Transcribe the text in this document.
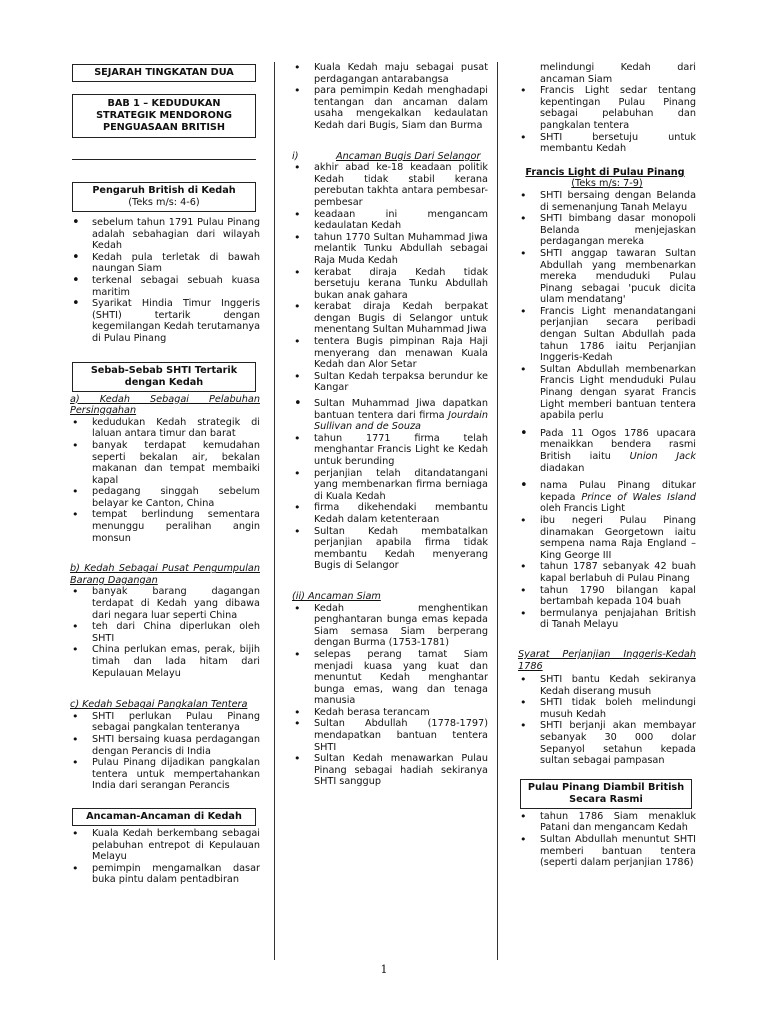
SEJARAH TINGKATAN DUA
BAB 1 – KEDUDUKAN STRATEGIK MENDORONG PENGUASAAN BRITISH
Pengaruh British di Kedah
(Teks m/s: 4-6)
• sebelum tahun 1791 Pulau Pinang adalah sebahagian dari wilayah Kedah
• Kedah pula terletak di bawah naungan Siam
• terkenal sebagai sebuah kuasa maritim
• Syarikat Hindia Timur Inggeris (SHTI) tertarik dengan kegemilangan Kedah terutamanya di Pulau Pinang
Sebab-Sebab SHTI Tertarik dengan Kedah
a) Kedah Sebagai Pelabuhan Persinggahan
• kedudukan Kedah strategik di laluan antara timur dan barat
• banyak terdapat kemudahan seperti bekalan air, bekalan makanan dan tempat membaiki kapal
• pedagang singgah sebelum belayar ke Canton, China
• tempat berlindung sementara menunggu peralihan angin monsun
b) Kedah Sebagai Pusat Pengumpulan Barang Dagangan
• banyak barang dagangan terdapat di Kedah yang dibawa dari negara luar seperti China
• teh dari China diperlukan oleh SHTI
• China perlukan emas, perak, bijih timah dan lada hitam dari Kepulauan Melayu
c) Kedah Sebagai Pangkalan Tentera
• SHTI perlukan Pulau Pinang sebagai pangkalan tenteranya
• SHTI bersaing kuasa perdagangan dengan Perancis di India
• Pulau Pinang dijadikan pangkalan tentera untuk mempertahankan India dari serangan Perancis
Ancaman-Ancaman di Kedah
• Kuala Kedah berkembang sebagai pelabuhan entrepot di Kepulauan Melayu
• pemimpin mengamalkan dasar buka pintu dalam pentadbiran
• Kuala Kedah maju sebagai pusat perdagangan antarabangsa
• para pemimpin Kedah menghadapi tentangan dan ancaman dalam usaha mengekalkan kedaulatan Kedah dari Bugis, Siam dan Burma
i)	Ancaman Bugis Dari Selangor
• akhir abad ke-18 keadaan politik Kedah tidak stabil kerana perebutan takhta antara pembesar-pembesar
• keadaan ini mengancam kedaulatan Kedah
• tahun 1770 Sultan Muhammad Jiwa melantik Tunku Abdullah sebagai Raja Muda Kedah
• kerabat diraja Kedah tidak bersetuju kerana Tunku Abdullah bukan anak gahara
• kerabat diraja Kedah berpakat dengan Bugis di Selangor untuk menentang Sultan Muhammad Jiwa
• tentera Bugis pimpinan Raja Haji menyerang dan menawan Kuala Kedah dan Alor Setar
• Sultan Kedah terpaksa berundur ke Kangar
• Sultan Muhammad Jiwa dapatkan bantuan tentera dari firma Jourdain Sullivan and de Souza
• tahun 1771 firma telah menghantar Francis Light ke Kedah untuk berunding
• perjanjian telah ditandatangani yang membenarkan firma berniaga di Kuala Kedah
• firma dikehendaki membantu Kedah dalam ketenteraan
• Sultan Kedah membatalkan perjanjian apabila firma tidak membantu Kedah menyerang Bugis di Selangor
(ii) Ancaman Siam
• Kedah menghentikan penghantaran bunga emas kepada Siam semasa Siam berperang dengan Burma (1753-1781)
• selepas perang tamat Siam menjadi kuasa yang kuat dan menuntut Kedah menghantar bunga emas, wang dan tenaga manusia
• Kedah berasa terancam
• Sultan Abdullah (1778-1797) mendapatkan bantuan tentera SHTI
• Sultan Kedah menawarkan Pulau Pinang sebagai hadiah sekiranya SHTI sanggup
melindungi Kedah dari ancaman Siam
• Francis Light sedar tentang kepentingan Pulau Pinang sebagai pelabuhan dan pangkalan tentera
• SHTI bersetuju untuk membantu Kedah
Francis Light di Pulau Pinang
(Teks m/s: 7-9)
• SHTI bersaing dengan Belanda di semenanjung Tanah Melayu
• SHTI bimbang dasar monopoli Belanda menjejaskan perdagangan mereka
• SHTI anggap tawaran Sultan Abdullah yang membenarkan mereka menduduki Pulau Pinang sebagai 'pucuk dicita ulam mendatang'
• Francis Light menandatangani perjanjian secara peribadi dengan Sultan Abdullah pada tahun 1786 iaitu Perjanjian Inggeris-Kedah
• Sultan Abdullah membenarkan Francis Light menduduki Pulau Pinang dengan syarat Francis Light memberi bantuan tentera apabila perlu
• Pada 11 Ogos 1786 upacara menaikkan bendera rasmi British iaitu Union Jack diadakan
• nama Pulau Pinang ditukar kepada Prince of Wales Island oleh Francis Light
• ibu negeri Pulau Pinang dinamakan Georgetown iaitu sempena nama Raja England – King George III
• tahun 1787 sebanyak 42 buah kapal berlabuh di Pulau Pinang
• tahun 1790 bilangan kapal bertambah kepada 104 buah
• bermulanya penjajahan British di Tanah Melayu
Syarat Perjanjian Inggeris-Kedah 1786
• SHTI bantu Kedah sekiranya Kedah diserang musuh
• SHTI tidak boleh melindungi musuh Kedah
• SHTI berjanji akan membayar sebanyak 30 000 dolar Sepanyol setahun kepada sultan sebagai pampasan
Pulau Pinang Diambil British Secara Rasmi
• tahun 1786 Siam menakluk Patani dan mengancam Kedah
• Sultan Abdullah menuntut SHTI memberi bantuan tentera (seperti dalam perjanjian 1786)
1
